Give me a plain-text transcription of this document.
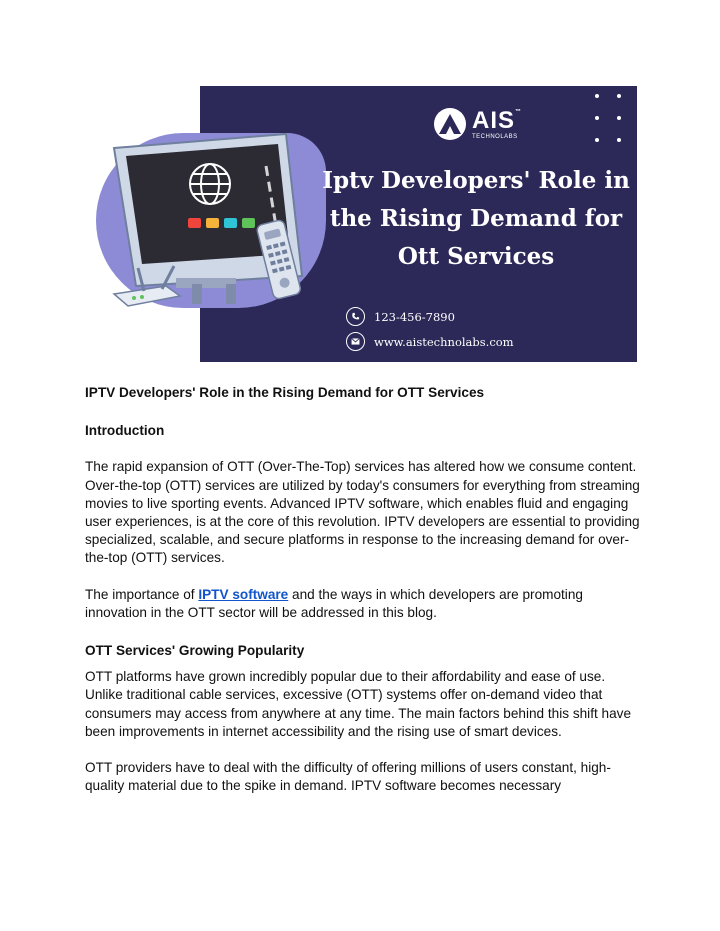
AIS™
TECHNOLABS
Iptv Developers' Role in
the Rising Demand for
Ott Services
123-456-7890
www.aistechnolabs.com
IPTV Developers' Role in the Rising Demand for OTT Services
Introduction

The rapid expansion of OTT (Over-The-Top) services has altered how we consume content. Over-the-top (OTT) services are utilized by today's consumers for everything from streaming movies to live sporting events. Advanced IPTV software, which enables fluid and engaging user experiences, is at the core of this revolution. IPTV developers are essential to providing specialized, scalable, and secure platforms in response to the increasing demand for over-the-top (OTT) services.

The importance of IPTV software and the ways in which developers are promoting innovation in the OTT sector will be addressed in this blog.

OTT Services' Growing Popularity

OTT platforms have grown incredibly popular due to their affordability and ease of use. Unlike traditional cable services, excessive (OTT) systems offer on-demand video that consumers may access from anywhere at any time. The main factors behind this shift have been improvements in internet accessibility and the rising use of smart devices.

OTT providers have to deal with the difficulty of offering millions of users constant, high-quality material due to the spike in demand. IPTV software becomes necessary
